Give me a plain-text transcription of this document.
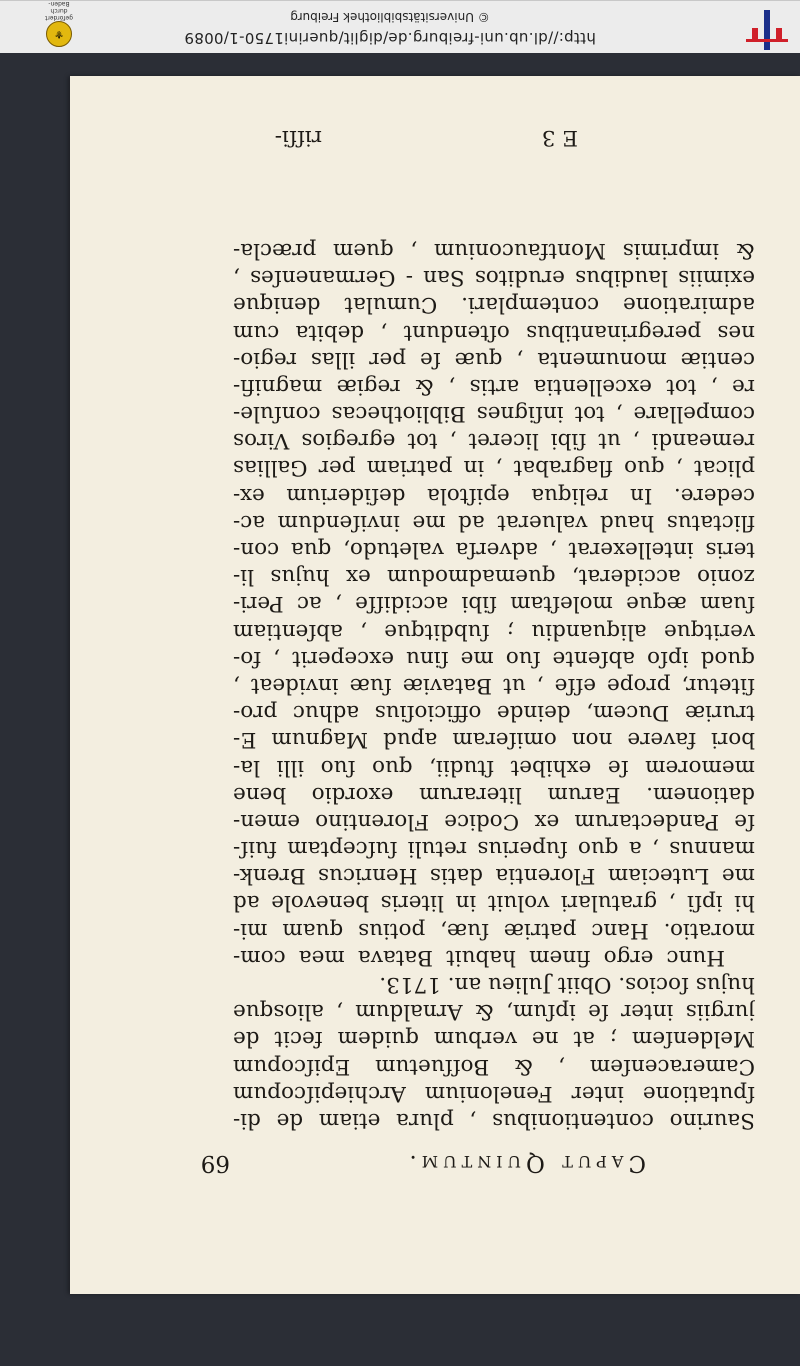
Caput Quintum.
69
Saurino contentionibus , plura etiam de di-
ſputatione inter Fenelonium Archiepiſcopum
Cameracenſem , & Boſſuetum Epiſcopum
Meldenſem ; at ne verbum quidem fecit de
jurgiis inter ſe ipſum, & Arnaldum , aliosque
hujus ſocios. Obiit Julieu an. 1713.
Hunc ergo finem habuit Batava mea com-
moratio. Hanc patriæ ſuæ, potius quam mi-
hi ipſi , gratulari voluit in literis benevole ad
me Luteciam Florentia datis Henricus Brenk-
mannus , a quo ſuperius retuli ſuſceptam fuiſ-
ſe Pandectarum ex Codice Florentino emen-
dationem. Earum literarum exordio bene
memorem ſe exhibet ſtudii, quo ſuo illi la-
bori favere non omiſeram apud Magnum E-
truriæ Ducem, deinde officioſius adhuc pro-
ſitetur, prope eſſe , ut Bataviæ ſuæ invideat ,
quod ipſo abſente ſuo me ſinu exceperit , fo-
veritque aliquandiu ; ſubditque , abſentiam
ſuam æque moleſtam ſibi accidiſſe , ac Peri-
zonio acciderat, quemadmodum ex hujus li-
teris intellexerat , adverſa valetudo, qua con-
flictatus haud valuerat ad me inviſendum ac-
cedere. In reliqua epiſtola deſiderium ex-
plicat , quo flagrabat , in patriam per Gallias
remeandi , ut ſibi liceret , tot egregios Viros
compellare , tot inſignes Bibliothecas conſule-
re , tot excellentia artis , & regiæ magnifi-
centiæ monumenta , quæ ſe per illas regio-
nes peregrinantibus oſtendunt , debita cum
admiratione contemplari. Cumulat denique
eximiis laudibus eruditos San - Germanenſes ,
& imprimis Montfauconium , quem præcla-
E 3
riſſi-
⚜
gefördert durch
Baden-
http://dl.ub.uni-freiburg.de/diglit/querini1750-1/0089
© Universitätsbibliothek Freiburg
